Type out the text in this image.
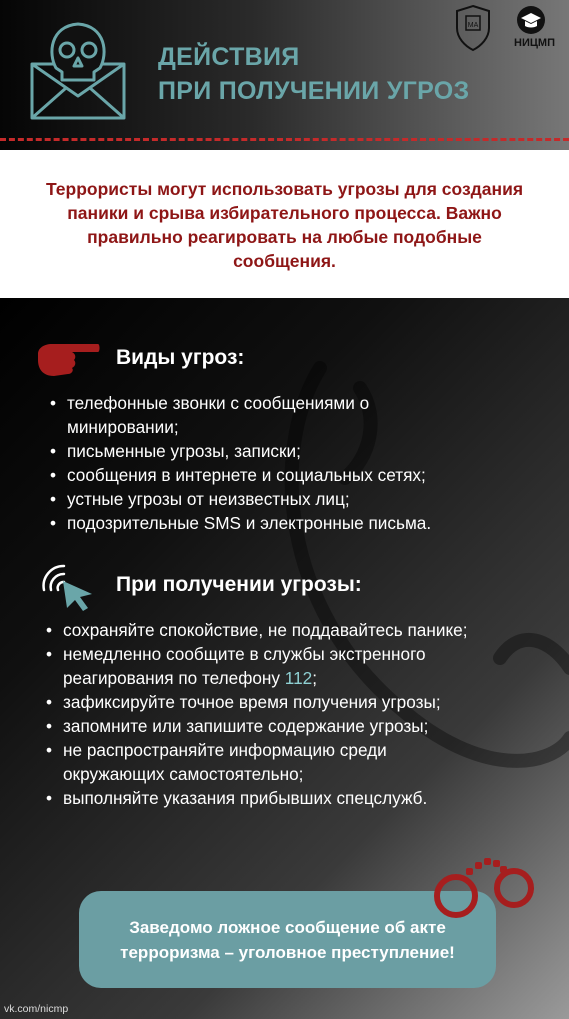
ДЕЙСТВИЯ
ПРИ ПОЛУЧЕНИИ УГРОЗ
МА
НИЦМП

Террористы могут использовать угрозы для создания паники и срыва избирательного процесса. Важно правильно реагировать на любые подобные сообщения.

Виды угроз:
• телефонные звонки с сообщениями о минировании;
• письменные угрозы, записки;
• сообщения в интернете и социальных сетях;
• устные угрозы от неизвестных лиц;
• подозрительные SMS и электронные письма.
При получении угрозы:
• сохраняйте спокойствие, не поддавайтесь панике;
• немедленно сообщите в службы экстренного реагирования по телефону 112;
• зафиксируйте точное время получения угрозы;
• запомните или запишите содержание угрозы;
• не распространяйте информацию среди окружающих самостоятельно;
• выполняйте указания прибывших спецслужб.
Заведомо ложное сообщение об акте терроризма – уголовное преступление!
vk.com/nicmp
